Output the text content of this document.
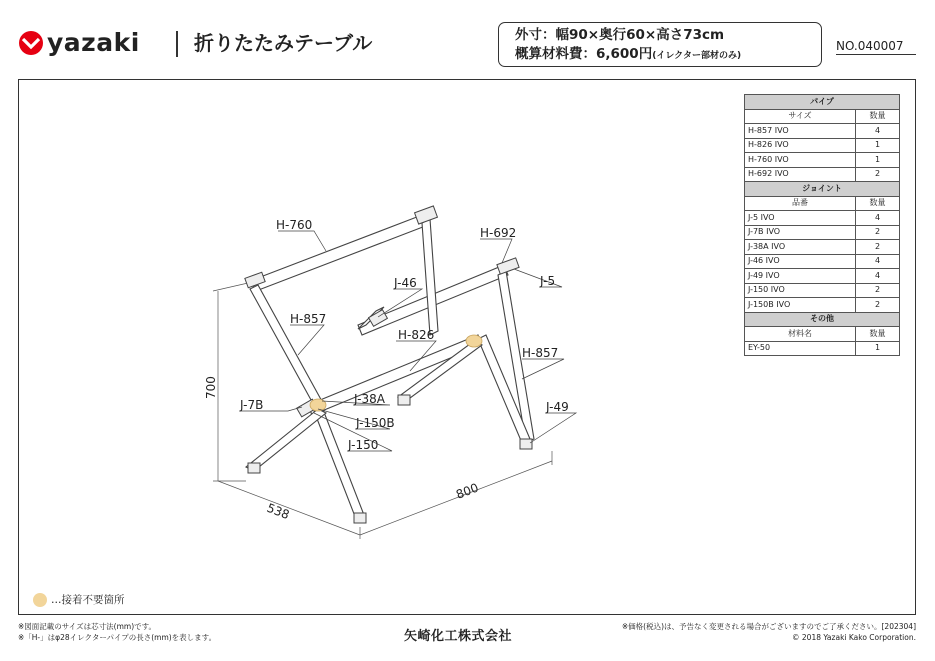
yazaki	折りたたみテーブル	外寸：幅90×奥行60×高さ73cm
概算材料費：6,600円(イレクター部材のみ)
NO.040007
H-760
H-692
J-46	J-5
H-857
H-826
H-857
J-7B	J-38A
J-150B
J-150
J-49
700
538
800
パイプ	
サイズ	数量
H-857 IVO	4
H-826 IVO	1
H-760 IVO	1
H-692 IVO	2
ジョイント	
品番	数量
J-5 IVO	4
J-7B IVO	2
J-38A IVO	2
J-46 IVO	4
J-49 IVO	4
J-150 IVO	2
J-150B IVO	2
その他	
材料名	数量
EY-50	1
…接着不要箇所
※図面記載のサイズは芯寸法(mm)です。
※「H-」はφ28イレクターパイプの長さ(mm)を表します。	矢崎化工株式会社
※価格(税込)は、予告なく変更される場合がございますのでご了承ください。[202304]
© 2018 Yazaki Kako Corporation.
